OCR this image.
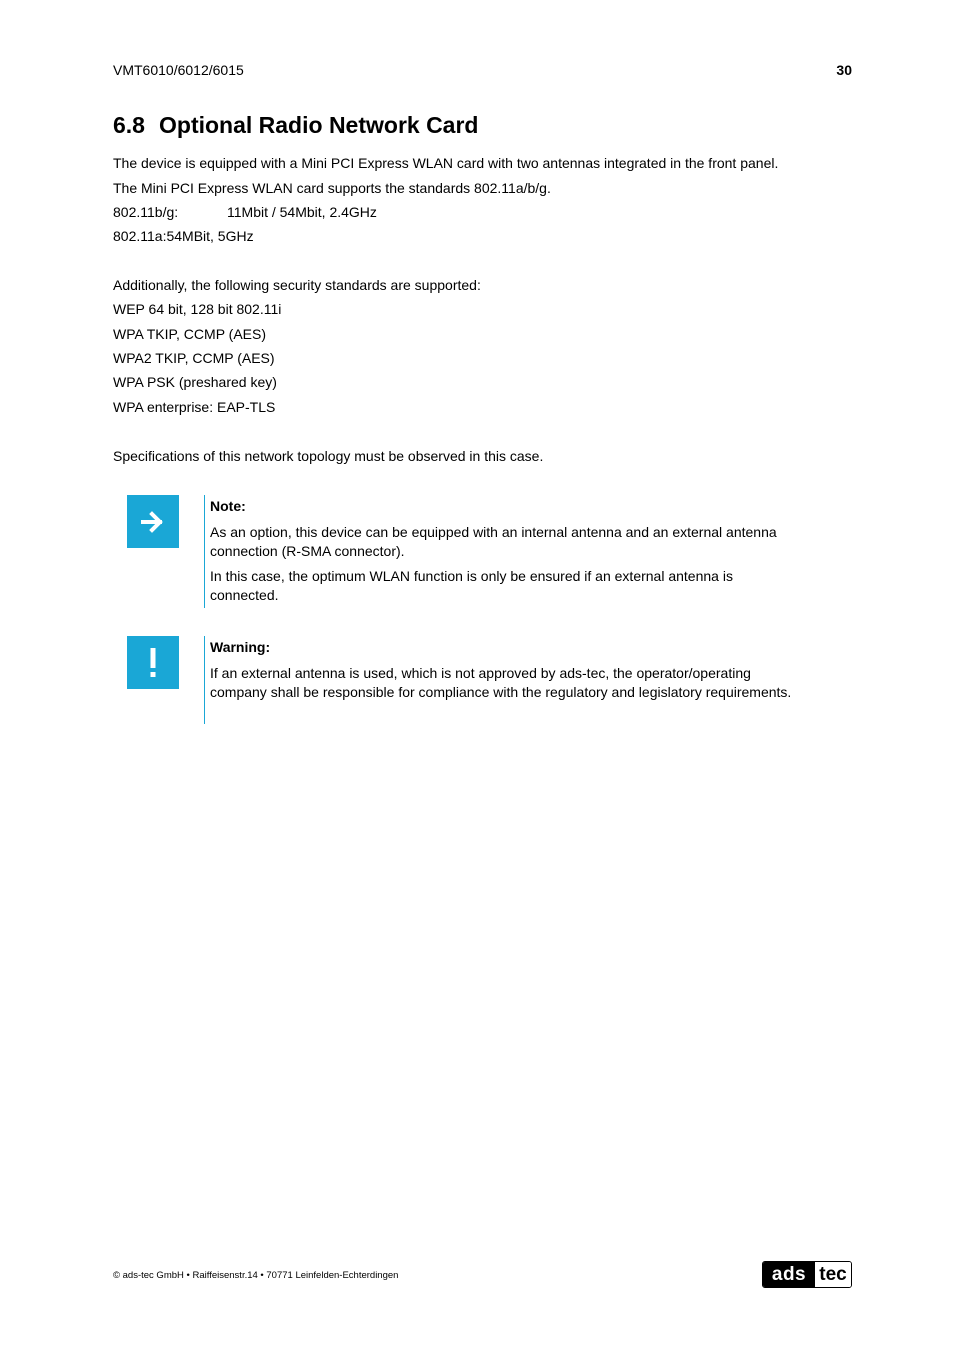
VMT6010/6012/6015	30
6.8 Optional Radio Network Card
The device is equipped with a Mini PCI Express WLAN card with two antennas integrated in the front panel.
The Mini PCI Express WLAN card supports the standards 802.11a/b/g.
802.11b/g:	11Mbit / 54Mbit, 2.4GHz
802.11a:54MBit, 5GHz
Additionally, the following security standards are supported:
WEP 64 bit, 128 bit 802.11i
WPA TKIP, CCMP (AES)
WPA2 TKIP, CCMP (AES)
WPA PSK (preshared key)
WPA enterprise: EAP-TLS
Specifications of this network topology must be observed in this case.
Note:

As an option, this device can be equipped with an internal antenna and an external antenna connection (R-SMA connector).

In this case, the optimum WLAN function is only be ensured if an external antenna is connected.

Warning:

If an external antenna is used, which is not approved by ads-tec, the operator/operating company shall be responsible for compliance with the regulatory and legislatory requirements.

© ads-tec GmbH • Raiffeisenstr.14 • 70771 Leinfelden-Echterdingen	ads tec
